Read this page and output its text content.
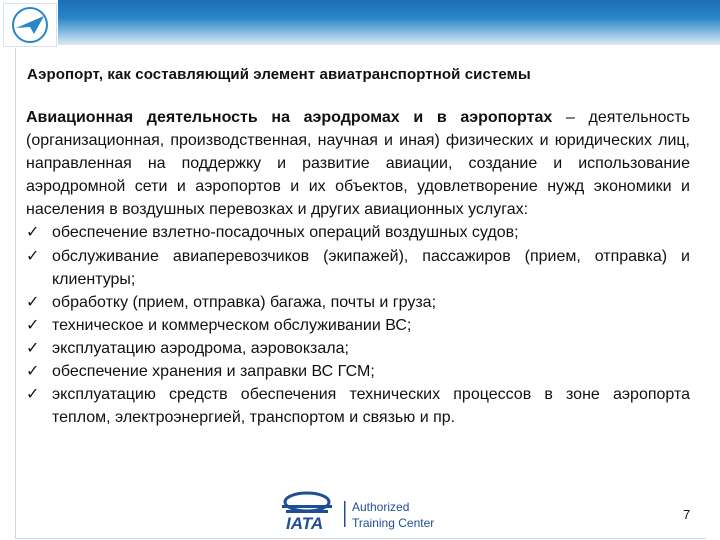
Аэропорт, как составляющий элемент авиатранспортной системы

Авиационная деятельность на аэродромах и в аэропортах – деятельность (организационная, производственная, научная и иная) физических и юридических лиц, направленная на поддержку и развитие авиации, создание и использование аэродромной сети и аэропортов и их объектов, удовлетворение нужд экономики и населения в воздушных перевозках и других авиационных услугах:

✓ обеспечение взлетно-посадочных операций воздушных судов;
✓ обслуживание авиаперевозчиков (экипажей), пассажиров (прием, отправка) и клиентуры;
✓ обработку (прием, отправка) багажа, почты и груза;
✓ техническое и коммерческом обслуживании ВС;
✓ эксплуатацию аэродрома, аэровокзала;
✓ обеспечение хранения и заправки ВС ГСМ;
✓ эксплуатацию средств обеспечения технических процессов в зоне аэропорта теплом, электроэнергией, транспортом и связью и пр.
IATA
Authorized
Training Center
7
